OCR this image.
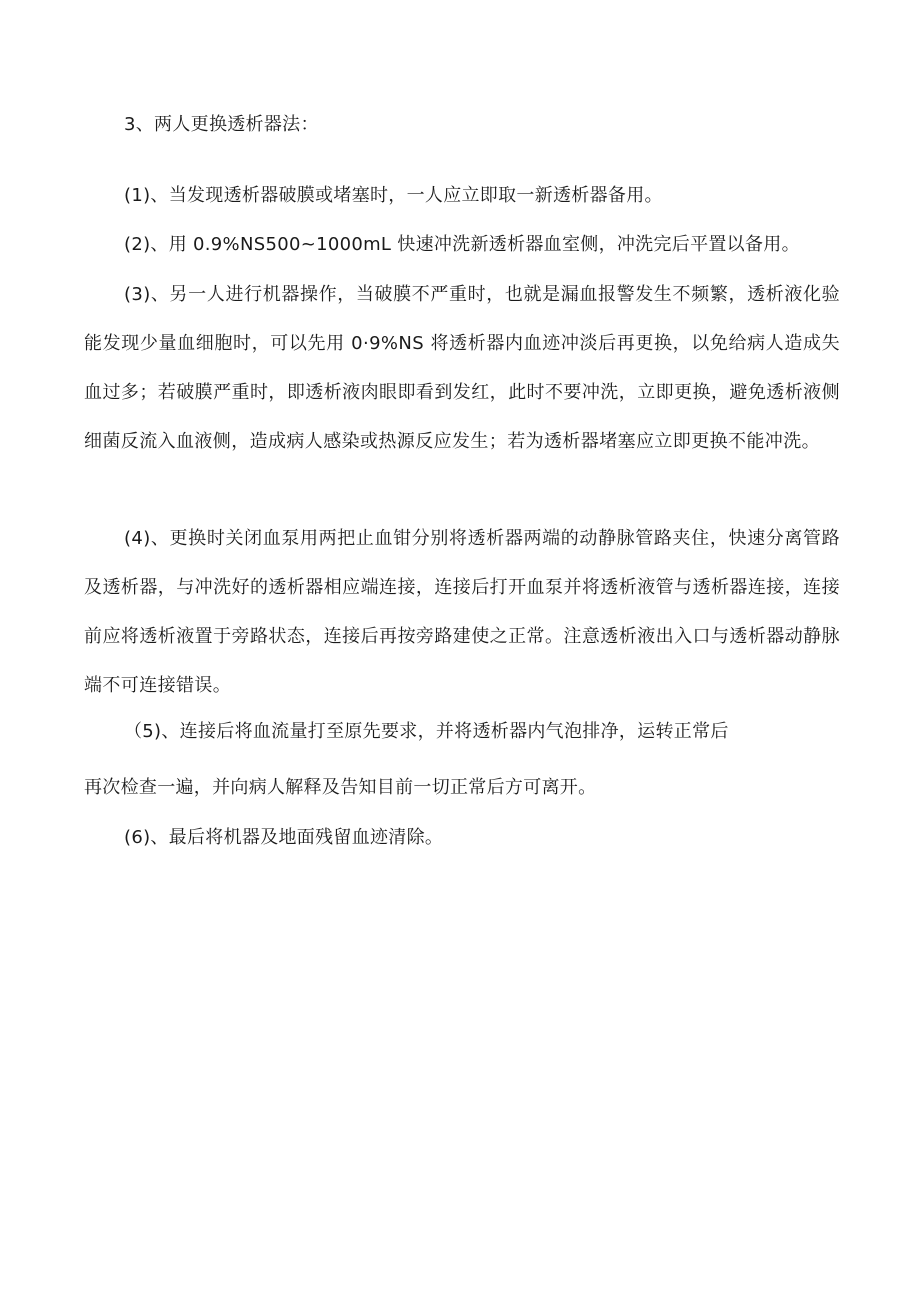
3、两人更换透析器法：

(1)、当发现透析器破膜或堵塞时，一人应立即取一新透析器备用。

(2)、用 0.9%NS500~1000mL 快速冲洗新透析器血室侧，冲洗完后平置以备用。

(3)、另一人进行机器操作，当破膜不严重时，也就是漏血报警发生不频繁，透析液化验能发现少量血细胞时，可以先用 0·9%NS 将透析器内血迹冲淡后再更换，以免给病人造成失血过多；若破膜严重时，即透析液肉眼即看到发红，此时不要冲洗，立即更换，避免透析液侧细菌反流入血液侧，造成病人感染或热源反应发生；若为透析器堵塞应立即更换不能冲洗。

(4)、更换时关闭血泵用两把止血钳分别将透析器两端的动静脉管路夹住，快速分离管路及透析器，与冲洗好的透析器相应端连接，连接后打开血泵并将透析液管与透析器连接，连接前应将透析液置于旁路状态，连接后再按旁路建使之正常。注意透析液出入口与透析器动静脉端不可连接错误。

（5)、连接后将血流量打至原先要求，并将透析器内气泡排净，运转正常后

再次检查一遍，并向病人解释及告知目前一切正常后方可离开。

(6)、最后将机器及地面残留血迹清除。
